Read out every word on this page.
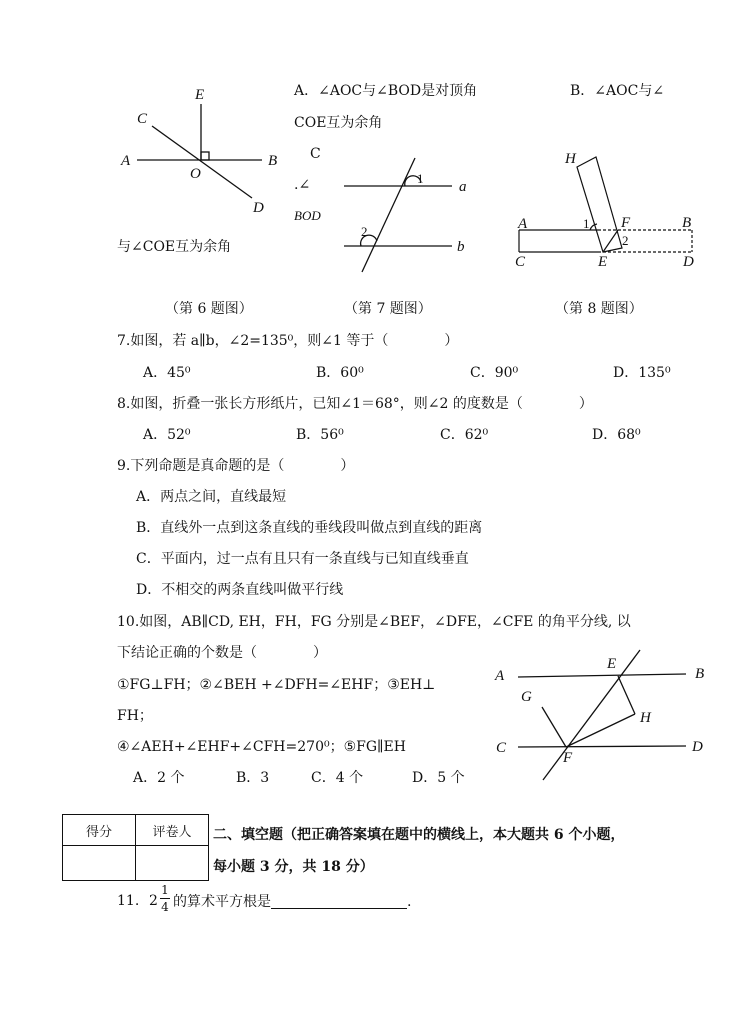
E
C
A
O
B
D
1
2
a
b
H
A	1 F	B
2
C	E	D
A
E
B
G
H
C
F
D
A．∠AOC与∠BOD是对顶角	B．∠AOC与∠
COE互为余角
C
.∠
BOD
与∠COE互为余角
（第 6 题图）	（第 7 题图）	（第 8 题图）
7.如图，若 a∥b，∠2=135⁰，则∠1 等于（　　　　）
A．45⁰	B．60⁰	C．90⁰	D．135⁰
8.如图，折叠一张长方形纸片，已知∠1＝68°，则∠2 的度数是（　　　　）
A．52⁰	B．56⁰	C．62⁰	D．68⁰
9.下列命题是真命题的是（　　　　）
A．两点之间，直线最短
B．直线外一点到这条直线的垂线段叫做点到直线的距离
C．平面内，过一点有且只有一条直线与已知直线垂直
D．不相交的两条直线叫做平行线
10.如图，AB∥CD, EH，FH，FG 分别是∠BEF，∠DFE，∠CFE 的角平分线, 以
下结论正确的个数是（　　　　）
①FG⊥FH；②∠BEH +∠DFH=∠EHF；③EH⊥
FH；
④∠AEH+∠EHF+∠CFH=270⁰；⑤FG∥EH
A．2 个	B．3	C．4 个	D．5 个
得分	评卷人
	二、填空题（把正确答案填在题中的横线上，本大题共 6 个小题，
每小题 3 分，共 18 分）
11. $2 \frac{1}{4}$ 的算术平方根是	.
